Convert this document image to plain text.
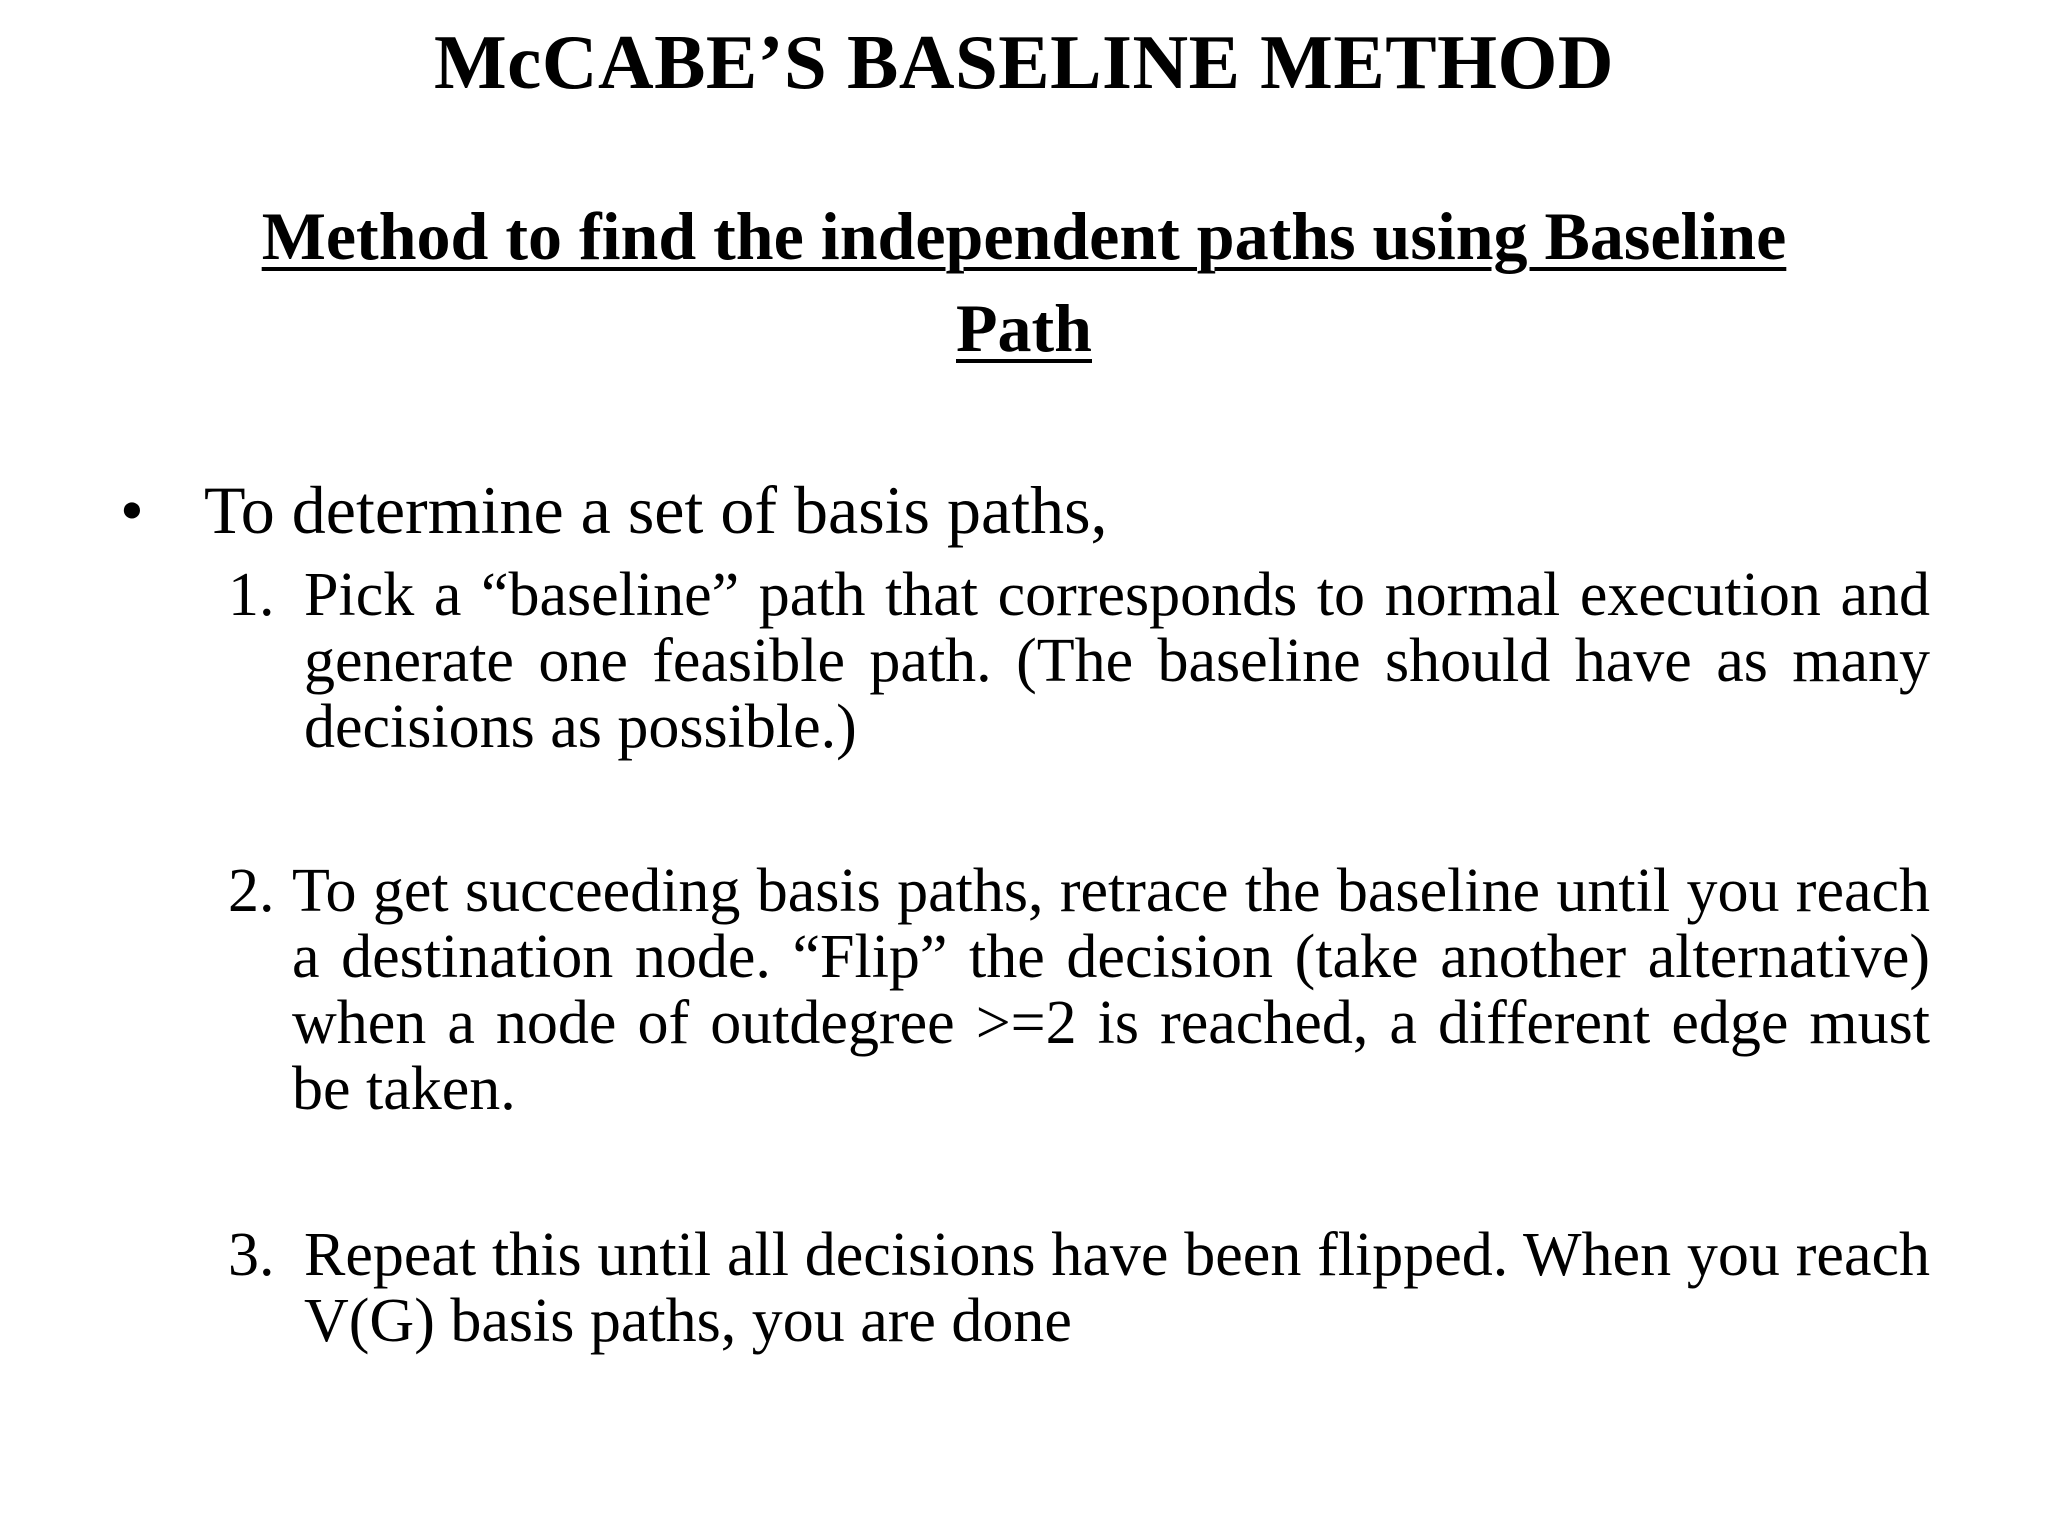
McCABE’S BASELINE METHOD
Method to find the independent paths using Baseline Path
• To determine a set of basis paths,
1. Pick a “baseline” path that corresponds to normal execution and generate one feasible path. (The baseline should have as many decisions as possible.)
2. To get succeeding basis paths, retrace the baseline until you reach a destination node. “Flip” the decision (take another alternative) when a node of outdegree >=2 is reached, a different edge must be taken.
3. Repeat this until all decisions have been flipped. When you reach V(G) basis paths, you are done
